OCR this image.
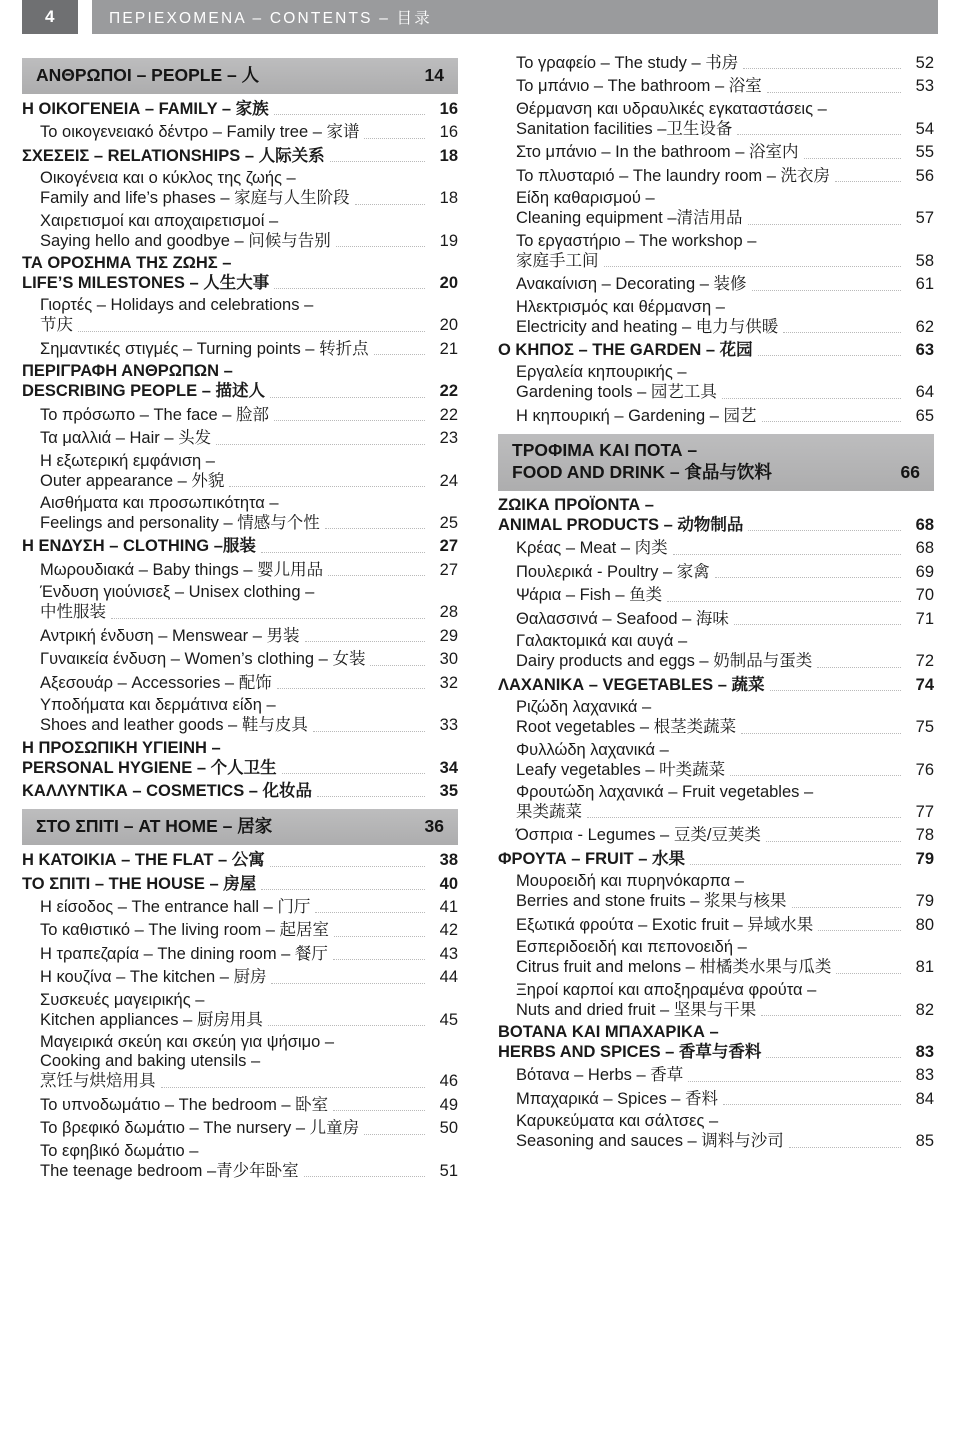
4	ΠΕΡΙΕΧΟΜΕΝΑ – CONTENTS – 目录
ΑΝΘΡΩΠΟΙ – PEOPLE – 人	14
Η ΟΙΚΟΓΕΝΕΙΑ – FAMILY – 家族	16
Το οικογενειακό δέντρο – Family tree – 家谱	16
ΣΧΕΣΕΙΣ – RELATIONSHIPS – 人际关系	18
Οικογένεια και ο κύκλος της ζωής –
Family and life’s phases – 家庭与人生阶段	18
Χαιρετισμοί και αποχαιρετισμοί –
Saying hello and goodbye – 问候与告别	19
ΤΑ ΟΡΟΣΗΜΑ ΤΗΣ ΖΩΗΣ –
LIFE’S MILESTONES – 人生大事	20
Γιορτές – Holidays and celebrations –
节庆	20
Σημαντικές στιγμές – Turning points – 转折点	21
ΠΕΡΙΓΡΑΦΗ ΑΝΘΡΩΠΩΝ –
DESCRIBING PEOPLE – 描述人	22
Το πρόσωπο – The face – 脸部	22
Τα μαλλιά – Hair – 头发	23
Η εξωτερική εμφάνιση –
Outer appearance – 外貌	24
Αισθήματα και προσωπικότητα –
Feelings and personality – 情感与个性	25
Η ΕΝΔΥΣΗ – CLOTHING –服装	27
Μωρουδιακά – Baby things – 婴儿用品	27
Ένδυση γιούνισεξ – Unisex clothing –
中性服装	28
Αντρική ένδυση – Menswear – 男装	29
Γυναικεία ένδυση – Women’s clothing – 女装	30
Αξεσουάρ – Accessories – 配饰	32
Υποδήματα και δερμάτινα είδη –
Shoes and leather goods – 鞋与皮具	33
Η ΠΡΟΣΩΠΙΚΗ ΥΓΙΕΙΝΗ –
PERSONAL HYGIENE – 个人卫生	34
ΚΑΛΛΥΝΤΙΚΑ – COSMETICS – 化妆品	35
ΣΤΟ ΣΠΙΤΙ – AT HOME – 居家	36
Η ΚΑΤΟΙΚΙΑ – THE FLAT – 公寓	38
ΤΟ ΣΠΙΤΙ – THE HOUSE – 房屋	40
Η είσοδος – The entrance hall – 门厅	41
Το καθιστικό – The living room – 起居室	42
Η τραπεζαρία – The dining room – 餐厅	43
Η κουζίνα – The kitchen – 厨房	44
Συσκευές μαγειρικής –
Kitchen appliances – 厨房用具	45
Μαγειρικά σκεύη και σκεύη για ψήσιμο –
Cooking and baking utensils –
烹饪与烘焙用具	46
Το υπνοδωμάτιο – The bedroom – 卧室	49
Το βρεφικό δωμάτιο – The nursery – 儿童房	50
Το εφηβικό δωμάτιο –
The teenage bedroom –青少年卧室	51
Το γραφείο – The study – 书房	52
Το μπάνιο – The bathroom – 浴室	53
Θέρμανση και υδραυλικές εγκαταστάσεις –
Sanitation facilities –卫生设备	54
Στο μπάνιο – In the bathroom – 浴室内	55
Το πλυσταριό – The laundry room – 洗衣房	56
Είδη καθαρισμού –
Cleaning equipment –清洁用品	57
Το εργαστήριο – The workshop –
家庭手工间	58
Ανακαίνιση – Decorating – 装修	61
Ηλεκτρισμός και θέρμανση –
Electricity and heating – 电力与供暖	62
Ο ΚΗΠΟΣ – THE GARDEN – 花园	63
Εργαλεία κηπουρικής –
Gardening tools – 园艺工具	64
Η κηπουρική – Gardening – 园艺	65
ΤΡΟΦΙΜΑ ΚΑΙ ΠΟΤΑ –
FOOD AND DRINK – 食品与饮料	66
ΖΩΙΚΑ ΠΡΟΪΟΝΤΑ –
ANIMAL PRODUCTS – 动物制品	68
Κρέας – Meat – 肉类	68
Πουλερικά - Poultry – 家禽	69
Ψάρια – Fish – 鱼类	70
Θαλασσινά – Seafood – 海味	71
Γαλακτομικά και αυγά –
Dairy products and eggs – 奶制品与蛋类	72
ΛΑΧΑΝΙΚΑ – VEGETABLES – 蔬菜	74
Ριζώδη λαχανικά –
Root vegetables – 根茎类蔬菜	75
Φυλλώδη λαχανικά –
Leafy vegetables – 叶类蔬菜	76
Φρουτώδη λαχανικά – Fruit vegetables –
果类蔬菜	77
Όσπρια - Legumes – 豆类/豆荚类	78
ΦΡΟΥΤΑ – FRUIT – 水果	79
Μουροειδή και πυρηνόκαρπα –
Berries and stone fruits – 浆果与核果	79
Εξωτικά φρούτα – Exotic fruit – 异域水果	80
Εσπεριδοειδή και πεπονοειδή –
Citrus fruit and melons – 柑橘类水果与瓜类	81
Ξηροί καρποί και αποξηραμένα φρούτα –
Nuts and dried fruit – 坚果与干果	82
ΒΟΤΑΝΑ ΚΑΙ ΜΠΑΧΑΡΙΚΑ –
HERBS AND SPICES – 香草与香料	83
Βότανα – Herbs – 香草	83
Μπαχαρικά – Spices – 香料	84
Καρυκεύματα και σάλτσες –
Seasoning and sauces – 调料与沙司	85
